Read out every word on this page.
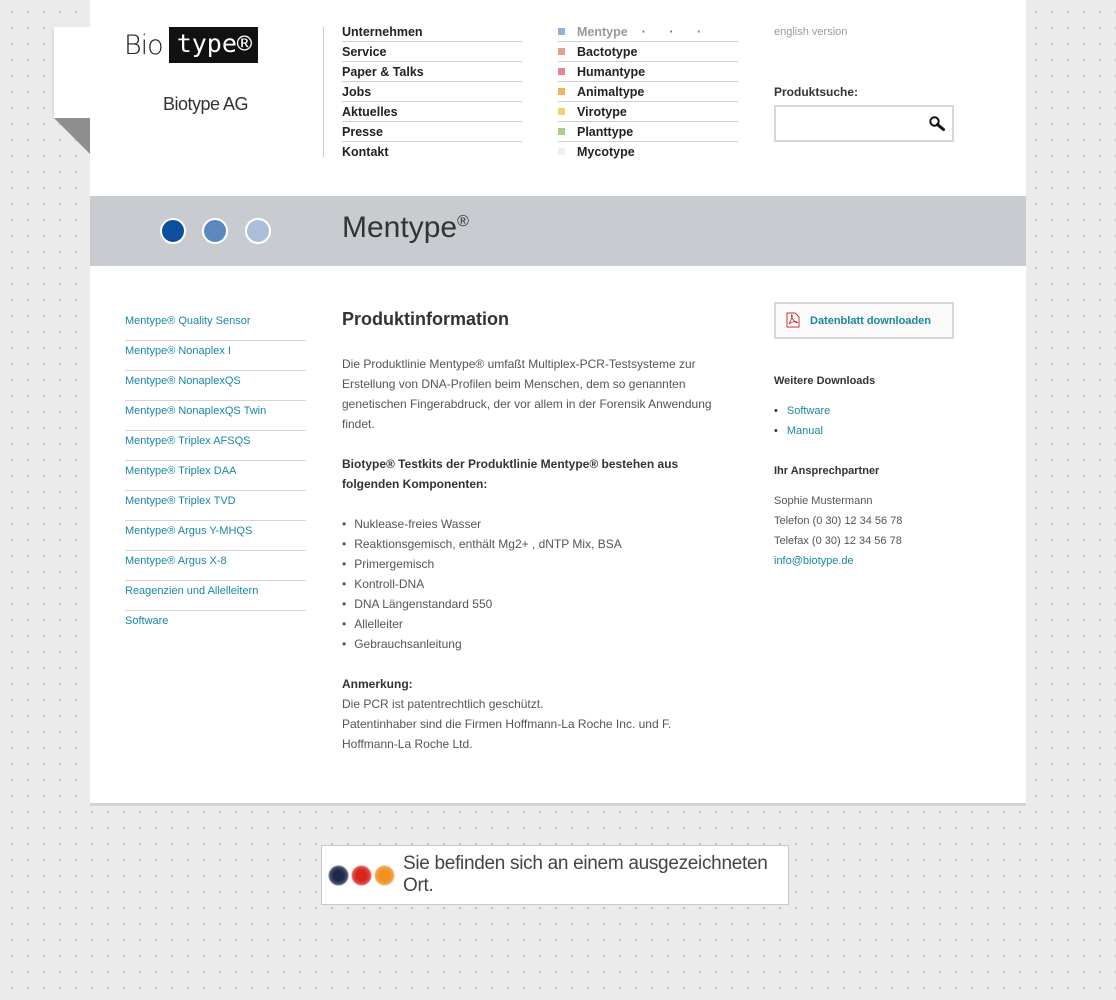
Bio type®
Biotype AG
Unternehmen
Service
Paper & Talks
Jobs
Aktuelles
Presse
Kontakt
Mentype · · ·
Bactotype
Humantype
Animaltype
Virotype
Planttype
Mycotype
english version
Produktsuche:
Mentype®
Mentype® Quality Sensor
Mentype® Nonaplex I
Mentype® NonaplexQS
Mentype® NonaplexQS Twin
Mentype® Triplex AFSQS
Mentype® Triplex DAA
Mentype® Triplex TVD
Mentype® Argus Y-MHQS
Mentype® Argus X-8
Reagenzien und Allelleitern
Software
Produktinformation

Die Produktlinie Mentype® umfaßt Multiplex-PCR-Testsysteme zur Erstellung von DNA-Profilen beim Menschen, dem so genannten genetischen Fingerabdruck, der vor allem in der Forensik Anwendung findet.

Biotype® Testkits der Produktlinie Mentype® bestehen aus folgenden Komponenten:

• Nuklease-freies Wasser
• Reaktionsgemisch, enthält Mg2+ , dNTP Mix, BSA
• Primergemisch
• Kontroll-DNA
• DNA Längenstandard 550
• Allelleiter
• Gebrauchsanleitung
Anmerkung:
Die PCR ist patentrechtlich geschützt.
Patentinhaber sind die Firmen Hoffmann-La Roche Inc. und F. Hoffmann-La Roche Ltd.
Datenblatt downloaden
Weitere Downloads
• Software
• Manual
Ihr Ansprechpartner
Sophie Mustermann
Telefon (0 30) 12 34 56 78
Telefax (0 30) 12 34 56 78
info@biotype.de
Sie befinden sich an einem ausgezeichneten Ort.
